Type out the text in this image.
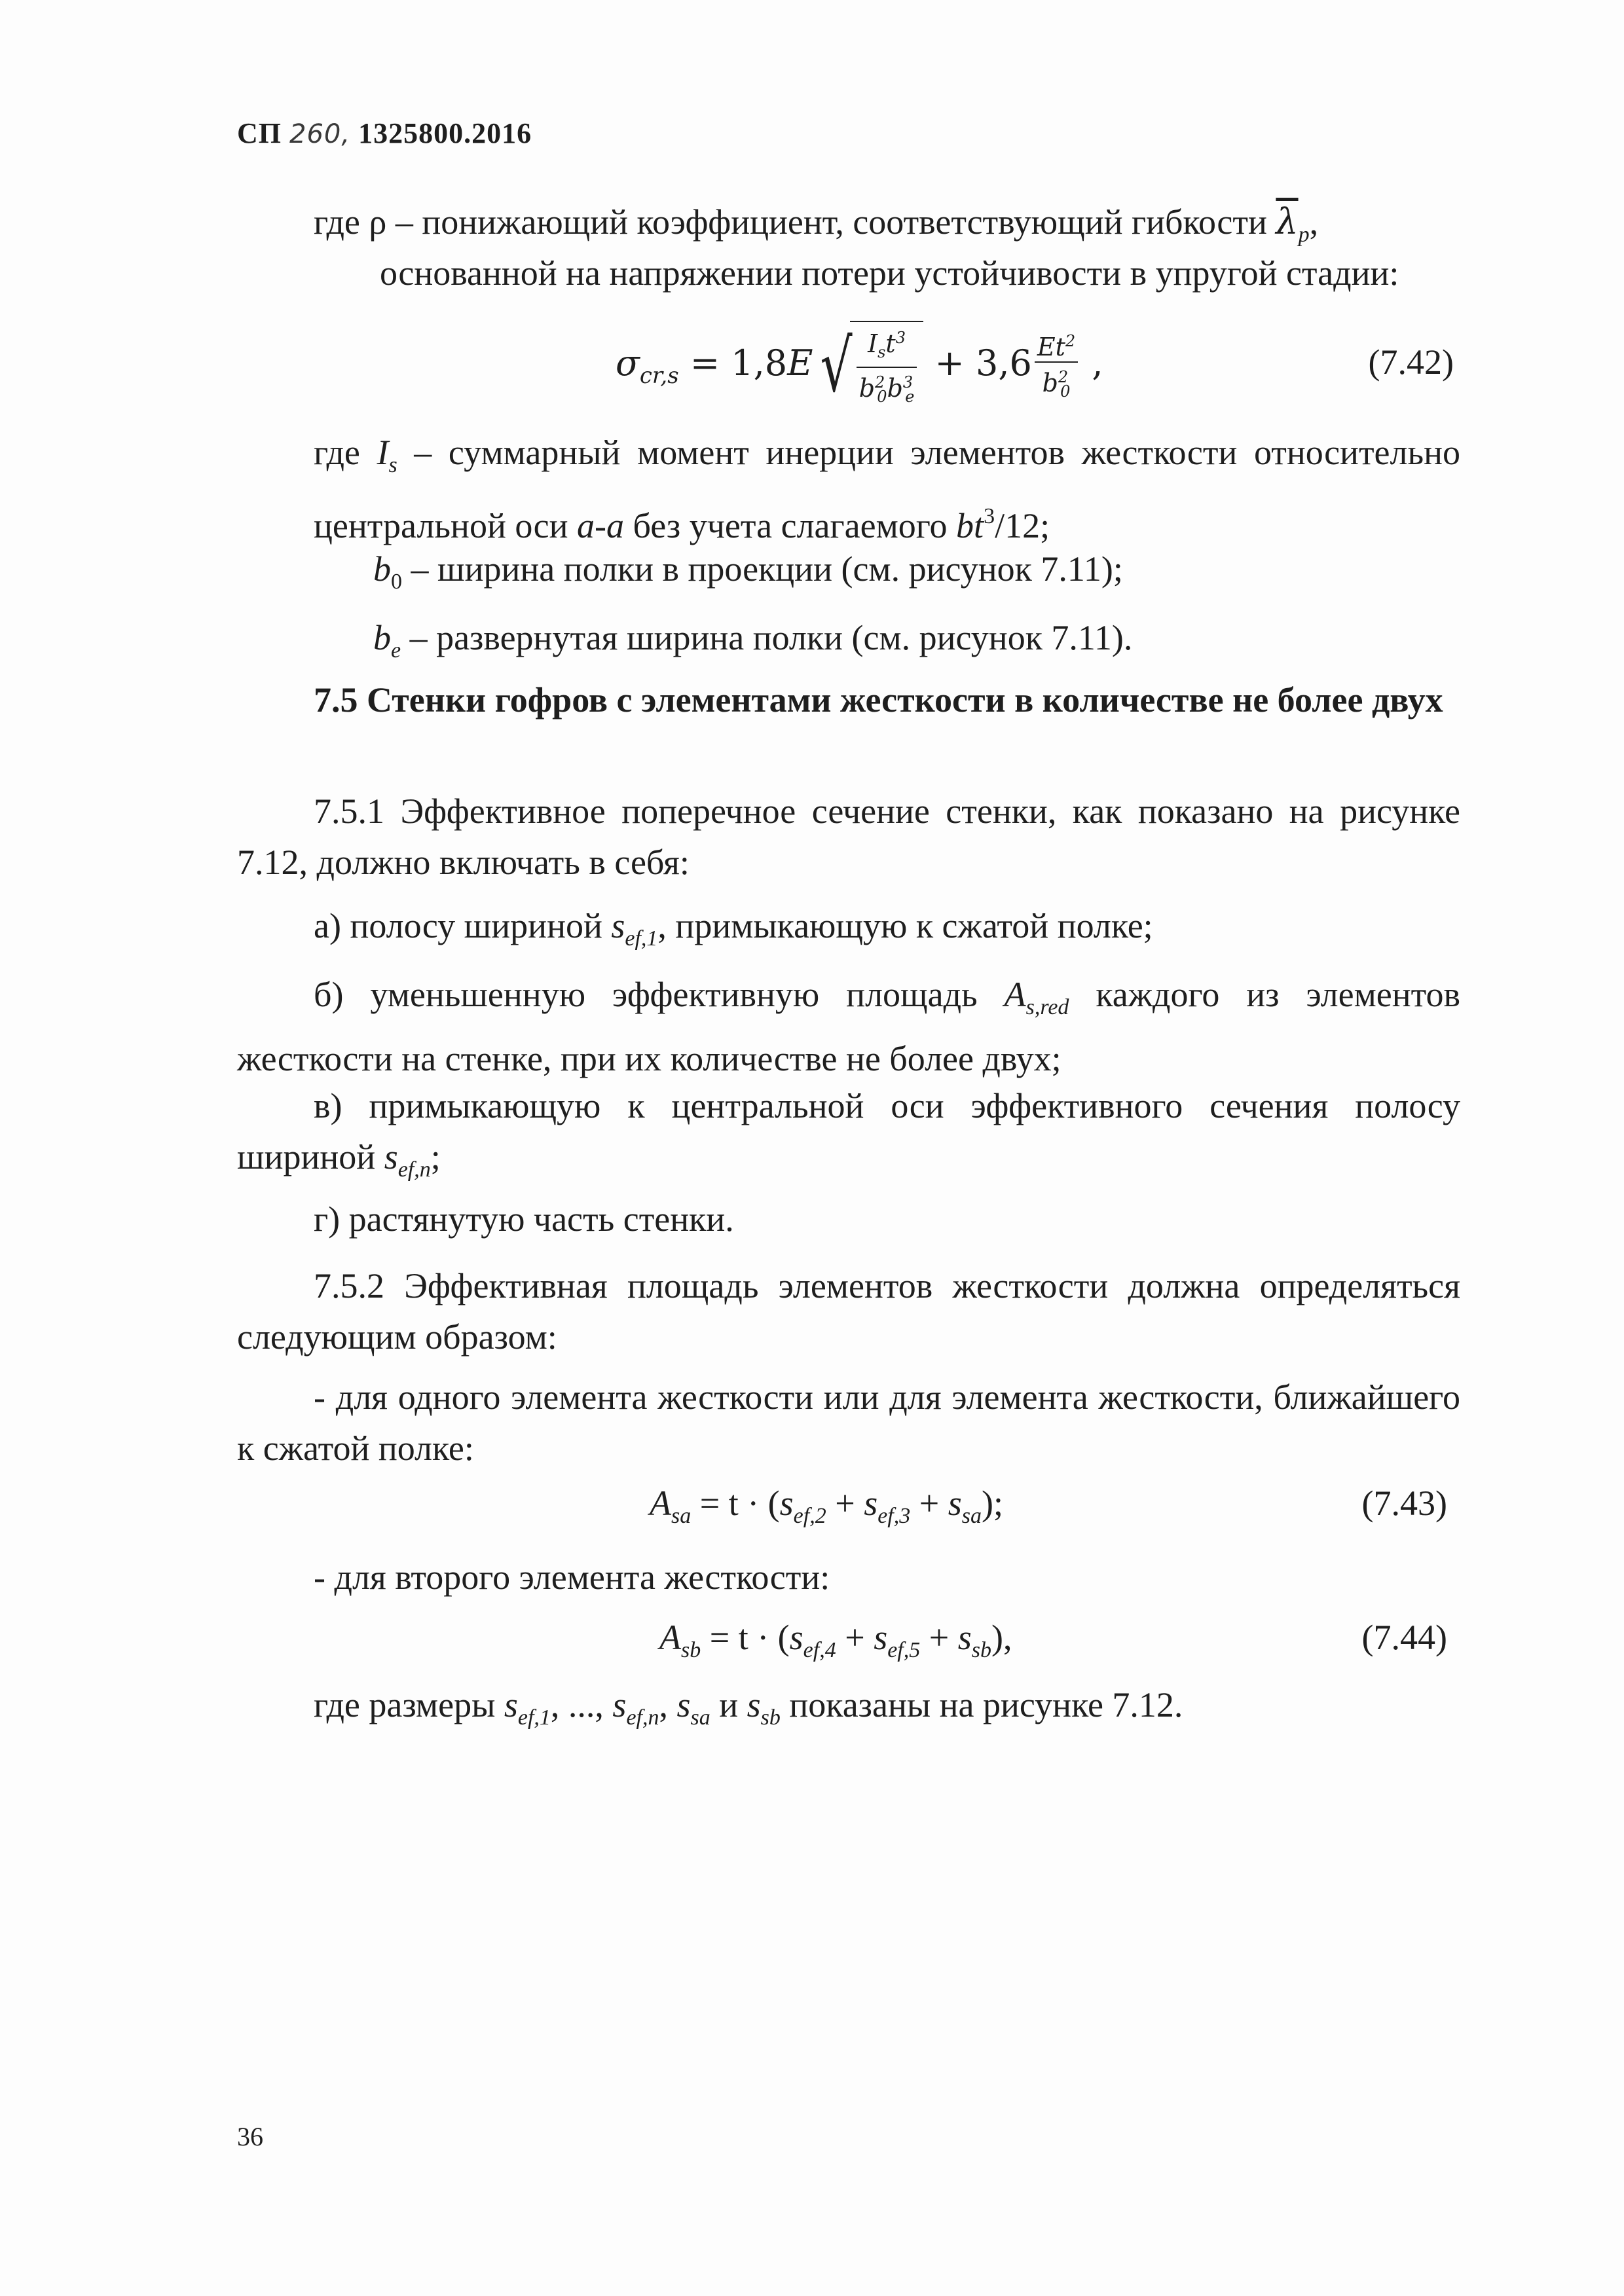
СП 260, 1325800.2016
где ρ – понижающий коэффициент, соответствующий гибкости $\overline{\lambda}_p$,
основанной на напряжении потери устойчивости в упругой стадии:
$\sigma_{cr,s} = 1,8E√ \frac{I_st^3}{b^2_0b^3_e} + 3,6 \frac{Et^2}{b^2_0}$ ,	(7.42)
где $I_s$ – суммарный момент инерции элементов жесткости относительно центральной оси a-a без учета слагаемого $bt^3/12$;
$b_0$ – ширина полки в проекции (см. рисунок 7.11);
$b_e$ – развернутая ширина полки (см. рисунок 7.11).
7.5 Стенки гофров с элементами жесткости в количестве не более двух
7.5.1 Эффективное поперечное сечение стенки, как показано на рисунке 7.12, должно включать в себя:
а) полосу шириной $s_{ef,1}$, примыкающую к сжатой полке;
б) уменьшенную эффективную площадь $A_{s,red}$ каждого из элементов жесткости на стенке, при их количестве не более двух;
в) примыкающую к центральной оси эффективного сечения полосу шириной $s_{ef,n}$;
г) растянутую часть стенки.
7.5.2 Эффективная площадь элементов жесткости должна определяться следующим образом:
- для одного элемента жесткости или для элемента жесткости, ближайшего к сжатой полке:
$A_{sa} = t \cdot (s_{ef,2} + s_{ef,3} + s_{sa})$;	(7.43)
- для второго элемента жесткости:
$A_{sb} = t \cdot (s_{ef,4} + s_{ef,5} + s_{sb})$,	(7.44)
где размеры $s_{ef,1}$, ..., $s_{ef,n}$, $s_{sa}$ и $s_{sb}$ показаны на рисунке 7.12.
36
